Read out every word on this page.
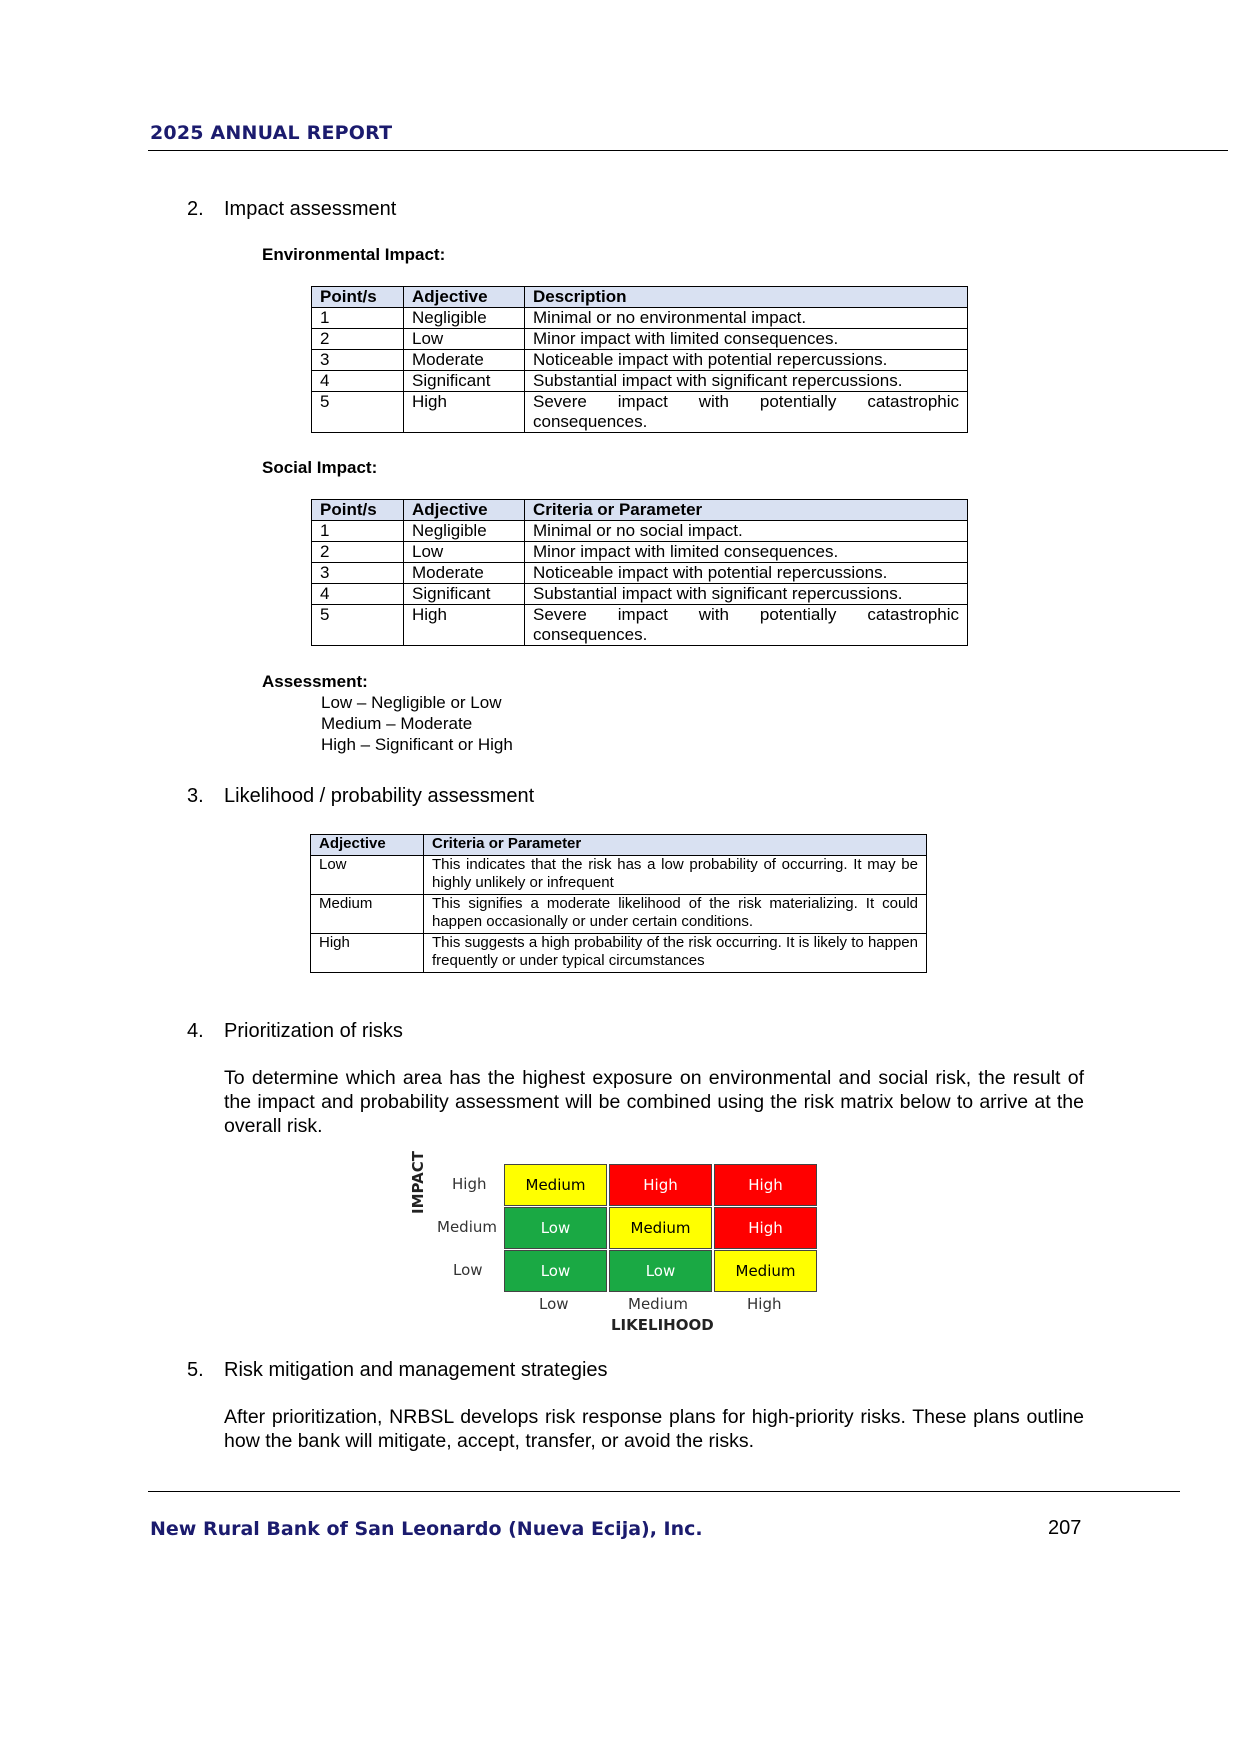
2025 ANNUAL REPORT
2. Impact assessment
Environmental Impact:
Point/s	Adjective	Description
1	Negligible	Minimal or no environmental impact.
2	Low	Minor impact with limited consequences.
3	Moderate	Noticeable impact with potential repercussions.
4	Significant	Substantial impact with significant repercussions.
5	High	Severe impact with potentially catastrophic consequences.
Social Impact:
Point/s	Adjective	Criteria or Parameter
1	Negligible	Minimal or no social impact.
2	Low	Minor impact with limited consequences.
3	Moderate	Noticeable impact with potential repercussions.
4	Significant	Substantial impact with significant repercussions.
5	High	Severe impact with potentially catastrophic consequences.
Assessment:
Low – Negligible or Low
Medium – Moderate
High – Significant or High
3. Likelihood / probability assessment
Adjective	Criteria or Parameter
Low	This indicates that the risk has a low probability of occurring. It may be highly unlikely or infrequent
Medium	This signifies a moderate likelihood of the risk materializing. It could happen occasionally or under certain conditions.
High	This suggests a high probability of the risk occurring. It is likely to happen frequently or under typical circumstances
4. Prioritization of risks
To determine which area has the highest exposure on environmental and social risk, the result of the impact and probability assessment will be combined using the risk matrix below to arrive at the overall risk.
IMPACT High
Medium
Low
Medium	High	High
Low	Medium	High
Low	Low	Medium
Low	Medium	High
LIKELIHOOD
5. Risk mitigation and management strategies
After prioritization, NRBSL develops risk response plans for high-priority risks. These plans outline how the bank will mitigate, accept, transfer, or avoid the risks.
New Rural Bank of San Leonardo (Nueva Ecija), Inc.	207
